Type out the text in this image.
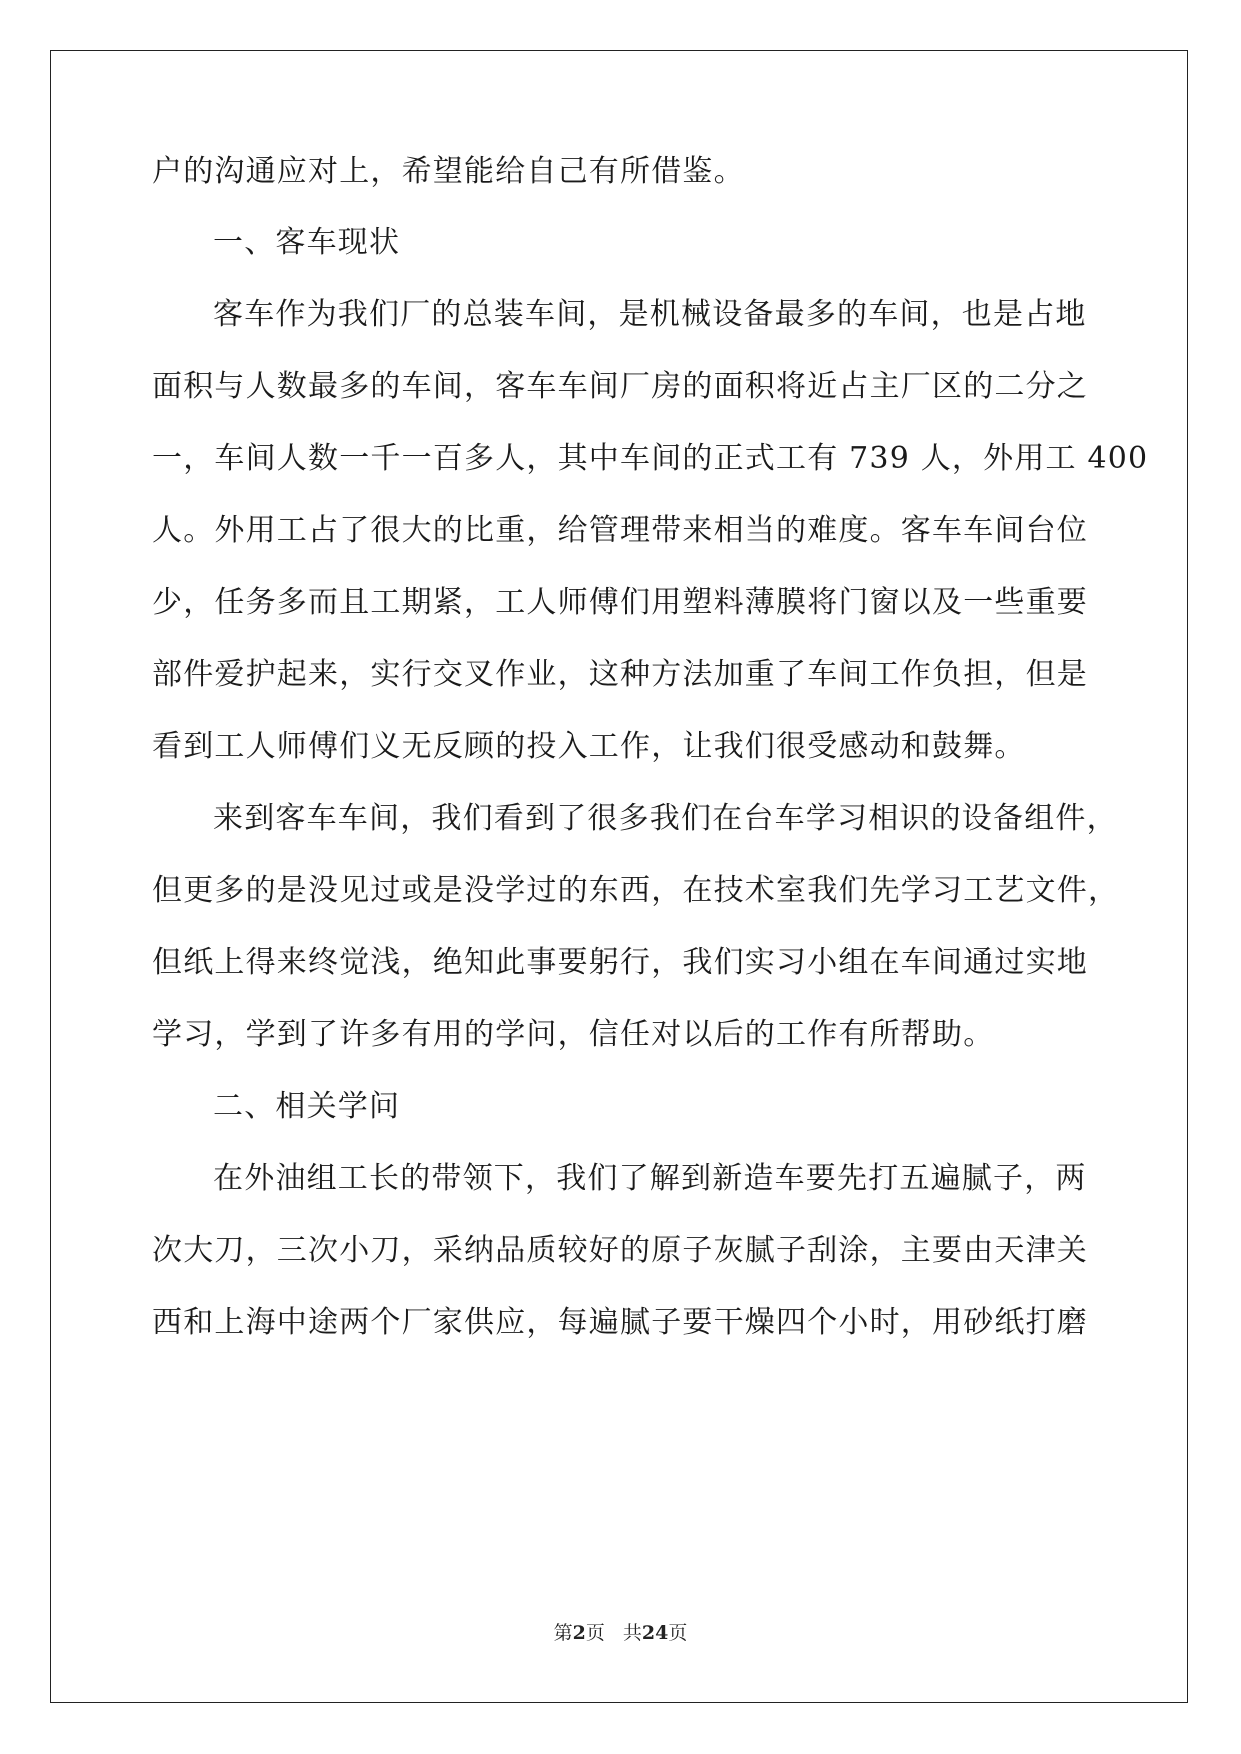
户的沟通应对上，希望能给自己有所借鉴。
一、客车现状
客车作为我们厂的总装车间，是机械设备最多的车间，也是占地
面积与人数最多的车间，客车车间厂房的面积将近占主厂区的二分之
一，车间人数一千一百多人，其中车间的正式工有 739 人，外用工 400
人。外用工占了很大的比重，给管理带来相当的难度。客车车间台位
少，任务多而且工期紧，工人师傅们用塑料薄膜将门窗以及一些重要
部件爱护起来，实行交叉作业，这种方法加重了车间工作负担，但是
看到工人师傅们义无反顾的投入工作，让我们很受感动和鼓舞。
来到客车车间，我们看到了很多我们在台车学习相识的设备组件，
但更多的是没见过或是没学过的东西，在技术室我们先学习工艺文件，
但纸上得来终觉浅，绝知此事要躬行，我们实习小组在车间通过实地
学习，学到了许多有用的学问，信任对以后的工作有所帮助。
二、相关学问
在外油组工长的带领下，我们了解到新造车要先打五遍腻子，两
次大刀，三次小刀，采纳品质较好的原子灰腻子刮涂，主要由天津关
西和上海中途两个厂家供应，每遍腻子要干燥四个小时，用砂纸打磨
第2页 共24页
